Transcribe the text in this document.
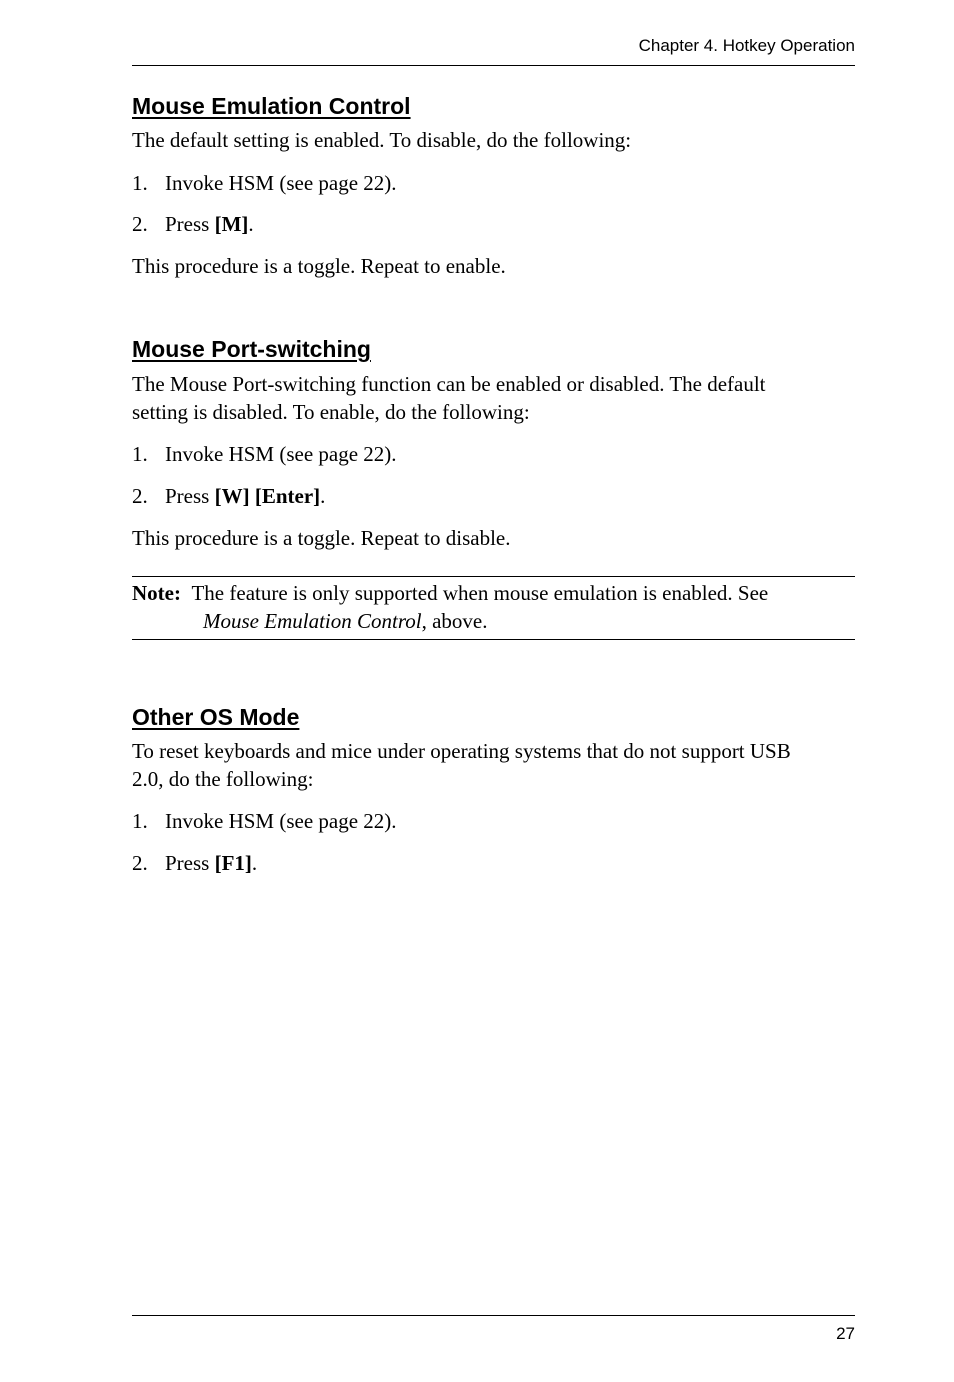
Chapter 4. Hotkey Operation
Mouse Emulation Control

The default setting is enabled. To disable, do the following:

1. Invoke HSM (see page 22).
2. Press [M].

This procedure is a toggle. Repeat to enable.

Mouse Port-switching

The Mouse Port-switching function can be enabled or disabled. The default

setting is disabled. To enable, do the following:

1. Invoke HSM (see page 22).
2. Press [W] [Enter].

This procedure is a toggle. Repeat to disable.

Note: The feature is only supported when mouse emulation is enabled. See
Mouse Emulation Control, above.
Other OS Mode

To reset keyboards and mice under operating systems that do not support USB

2.0, do the following:

1. Invoke HSM (see page 22).
2. Press [F1].
27
